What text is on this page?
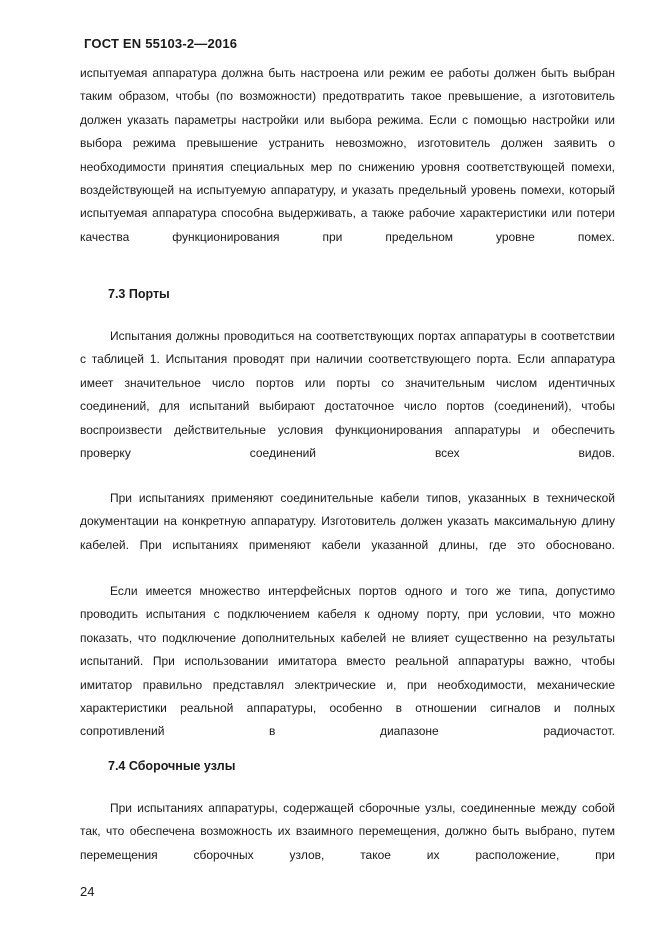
ГОСТ EN 55103-2—2016
испытуемая аппаратура должна быть настроена или режим ее работы должен быть выбран таким образом, чтобы (по возможности) предотвратить такое превышение, а изготовитель должен указать параметры настройки или выбора режима. Если с помощью настройки или выбора режима превышение устранить невозможно, изготовитель должен заявить о необходимости принятия специальных мер по снижению уровня соответствующей помехи, воздействующей на испытуемую аппаратуру, и указать предельный уровень помехи, который испытуемая аппаратура способна выдерживать, а также рабочие характеристики или потери качества функционирования при предельном уровне помех.
7.3 Порты
Испытания должны проводиться на соответствующих портах аппаратуры в соответствии с таблицей 1. Испытания проводят при наличии соответствующего порта. Если аппаратура имеет значительное число портов или порты со значительным числом идентичных соединений, для испытаний выбирают достаточное число портов (соединений), чтобы воспроизвести действительные условия функционирования аппаратуры и обеспечить проверку соединений всех видов.
При испытаниях применяют соединительные кабели типов, указанных в технической документации на конкретную аппаратуру. Изготовитель должен указать максимальную длину кабелей. При испытаниях применяют кабели указанной длины, где это обосновано.
Если имеется множество интерфейсных портов одного и того же типа, допустимо проводить испытания с подключением кабеля к одному порту, при условии, что можно показать, что подключение дополнительных кабелей не влияет существенно на результаты испытаний. При использовании имитатора вместо реальной аппаратуры важно, чтобы имитатор правильно представлял электрические и, при необходимости, механические характеристики реальной аппаратуры, особенно в отношении сигналов и полных сопротивлений в диапазоне радиочастот.
7.4 Сборочные узлы
При испытаниях аппаратуры, содержащей сборочные узлы, соединенные между собой так, что обеспечена возможность их взаимного перемещения, должно быть выбрано, путем перемещения сборочных узлов, такое их расположение, при
24
